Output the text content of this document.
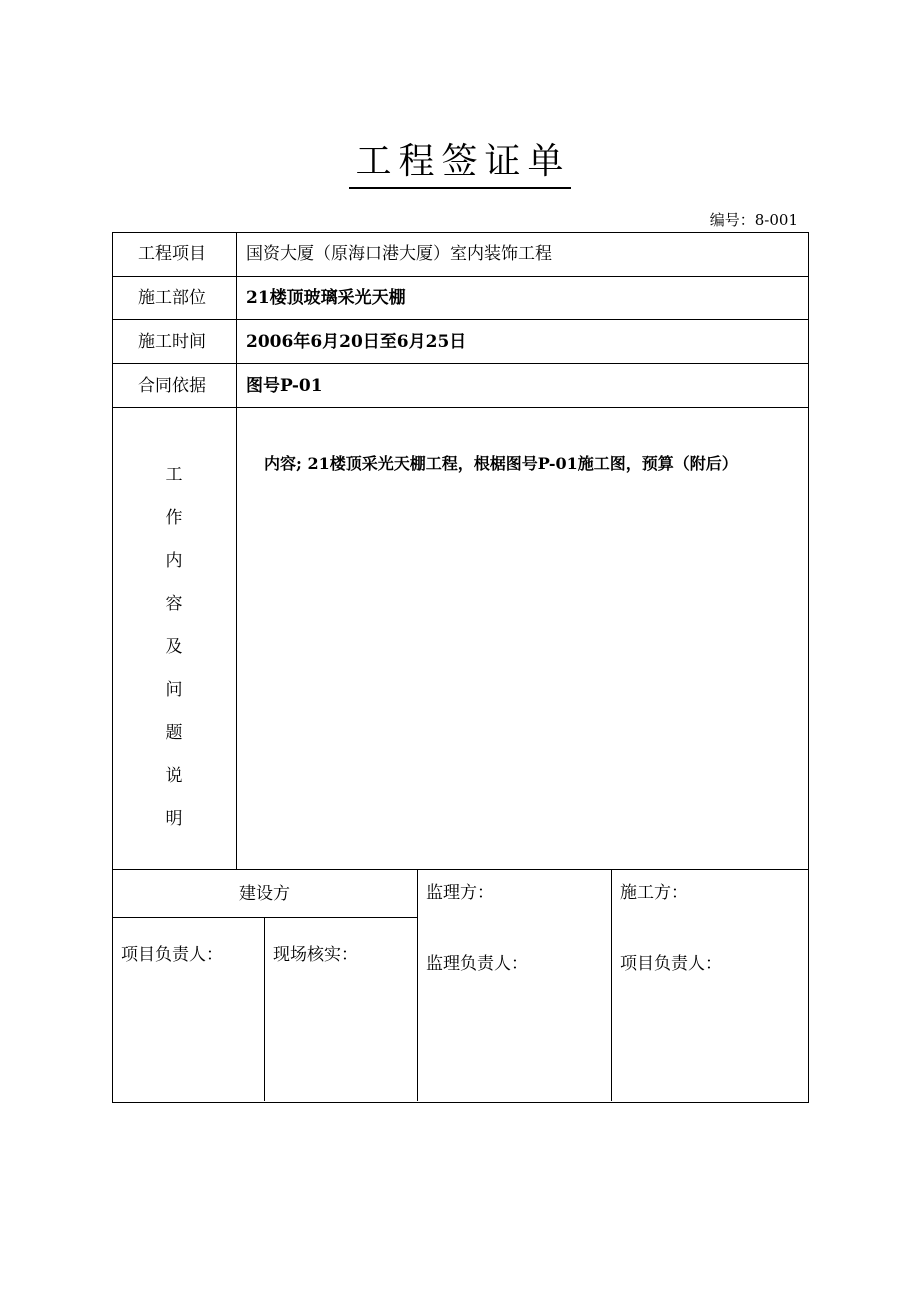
工程签证单
编号：8-001
工程项目 国资大厦（原海口港大厦）室内装饰工程
施工部位 21楼顶玻璃采光天棚
施工时间 2006年6月20日至6月25日
合同依据 图号P-01
工
作
内
容
及
问
题
说
明
内容; 21楼顶采光天棚工程，根椐图号P-01施工图，预算（附后）
建设方
项目负责人：	现场核实：
监理方：
监理负责人：
施工方：
项目负责人：
